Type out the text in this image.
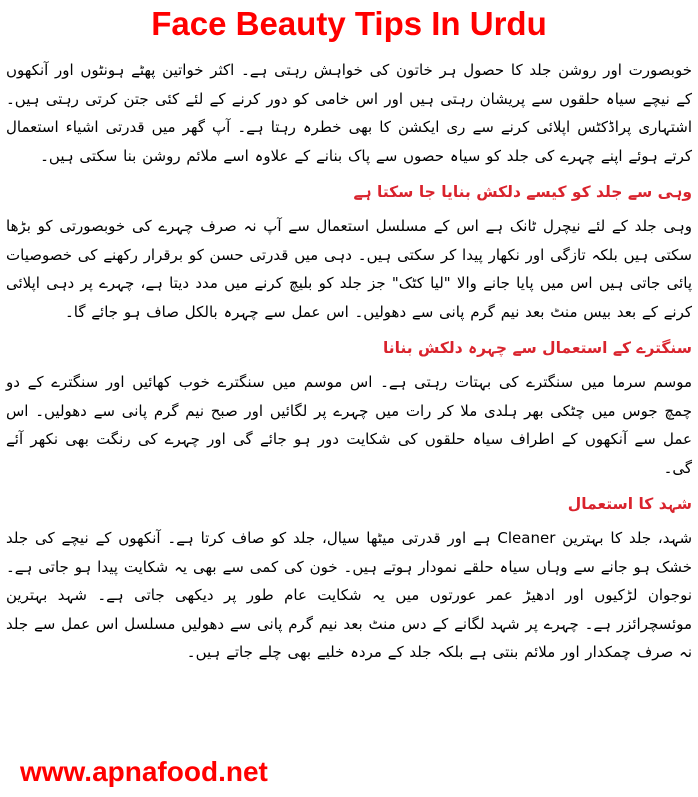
Face Beauty Tips In Urdu

خوبصورت اور روشن جلد کا حصول ہر خاتون کی خواہش رہتی ہے۔ اکثر خواتین پھٹے ہونٹوں اور آنکھوں کے نیچے سیاہ حلقوں سے پریشان رہتی ہیں اور اس خامی کو دور کرنے کے لئے کئی جتن کرتی رہتی ہیں۔ اشتہاری پراڈکٹس اپلائی کرنے سے ری ایکشن کا بھی خطرہ رہتا ہے۔ آپ گھر میں قدرتی اشیاء استعمال کرتے ہوئے اپنے چہرے کی جلد کو سیاہ حصوں سے پاک بنانے کے علاوہ اسے ملائم روشن بنا سکتی ہیں۔

وہی سے جلد کو کیسے دلکش بنایا جا سکتا ہے

وہی جلد کے لئے نیچرل ٹانک ہے اس کے مسلسل استعمال سے آپ نہ صرف چہرے کی خوبصورتی کو بڑھا سکتی ہیں بلکہ تازگی اور نکھار پیدا کر سکتی ہیں۔ دہی میں قدرتی حسن کو برقرار رکھنے کی خصوصیات پائی جاتی ہیں اس میں پایا جانے والا "لیا کٹک" جز جلد کو بلیچ کرنے میں مدد دیتا ہے، چہرے پر دہی اپلائی کرنے کے بعد بیس منٹ بعد نیم گرم پانی سے دھولیں۔ اس عمل سے چہرہ بالکل صاف ہو جائے گا۔

سنگترے کے استعمال سے چہرہ دلکش بنانا

موسم سرما میں سنگترے کی بہتات رہتی ہے۔ اس موسم میں سنگترے خوب کھائیں اور سنگترے کے دو چمچ جوس میں چٹکی بھر ہلدی ملا کر رات میں چہرے پر لگائیں اور صبح نیم گرم پانی سے دھولیں۔ اس عمل سے آنکھوں کے اطراف سیاہ حلقوں کی شکایت دور ہو جائے گی اور چہرے کی رنگت بھی نکھر آئے گی۔

شہد کا استعمال

شہد، جلد کا بہترین Cleaner ہے اور قدرتی میٹھا سیال، جلد کو صاف کرتا ہے۔ آنکھوں کے نیچے کی جلد خشک ہو جانے سے وہاں سیاہ حلقے نمودار ہوتے ہیں۔ خون کی کمی سے بھی یہ شکایت پیدا ہو جاتی ہے۔ نوجوان لڑکیوں اور ادھیڑ عمر عورتوں میں یہ شکایت عام طور پر دیکھی جاتی ہے۔ شہد بہترین موئسچرائزر ہے۔ چہرے پر شہد لگانے کے دس منٹ بعد نیم گرم پانی سے دھولیں مسلسل اس عمل سے جلد نہ صرف چمکدار اور ملائم بنتی ہے بلکہ جلد کے مردہ خلیے بھی چلے جاتے ہیں۔

www.apnafood.net
